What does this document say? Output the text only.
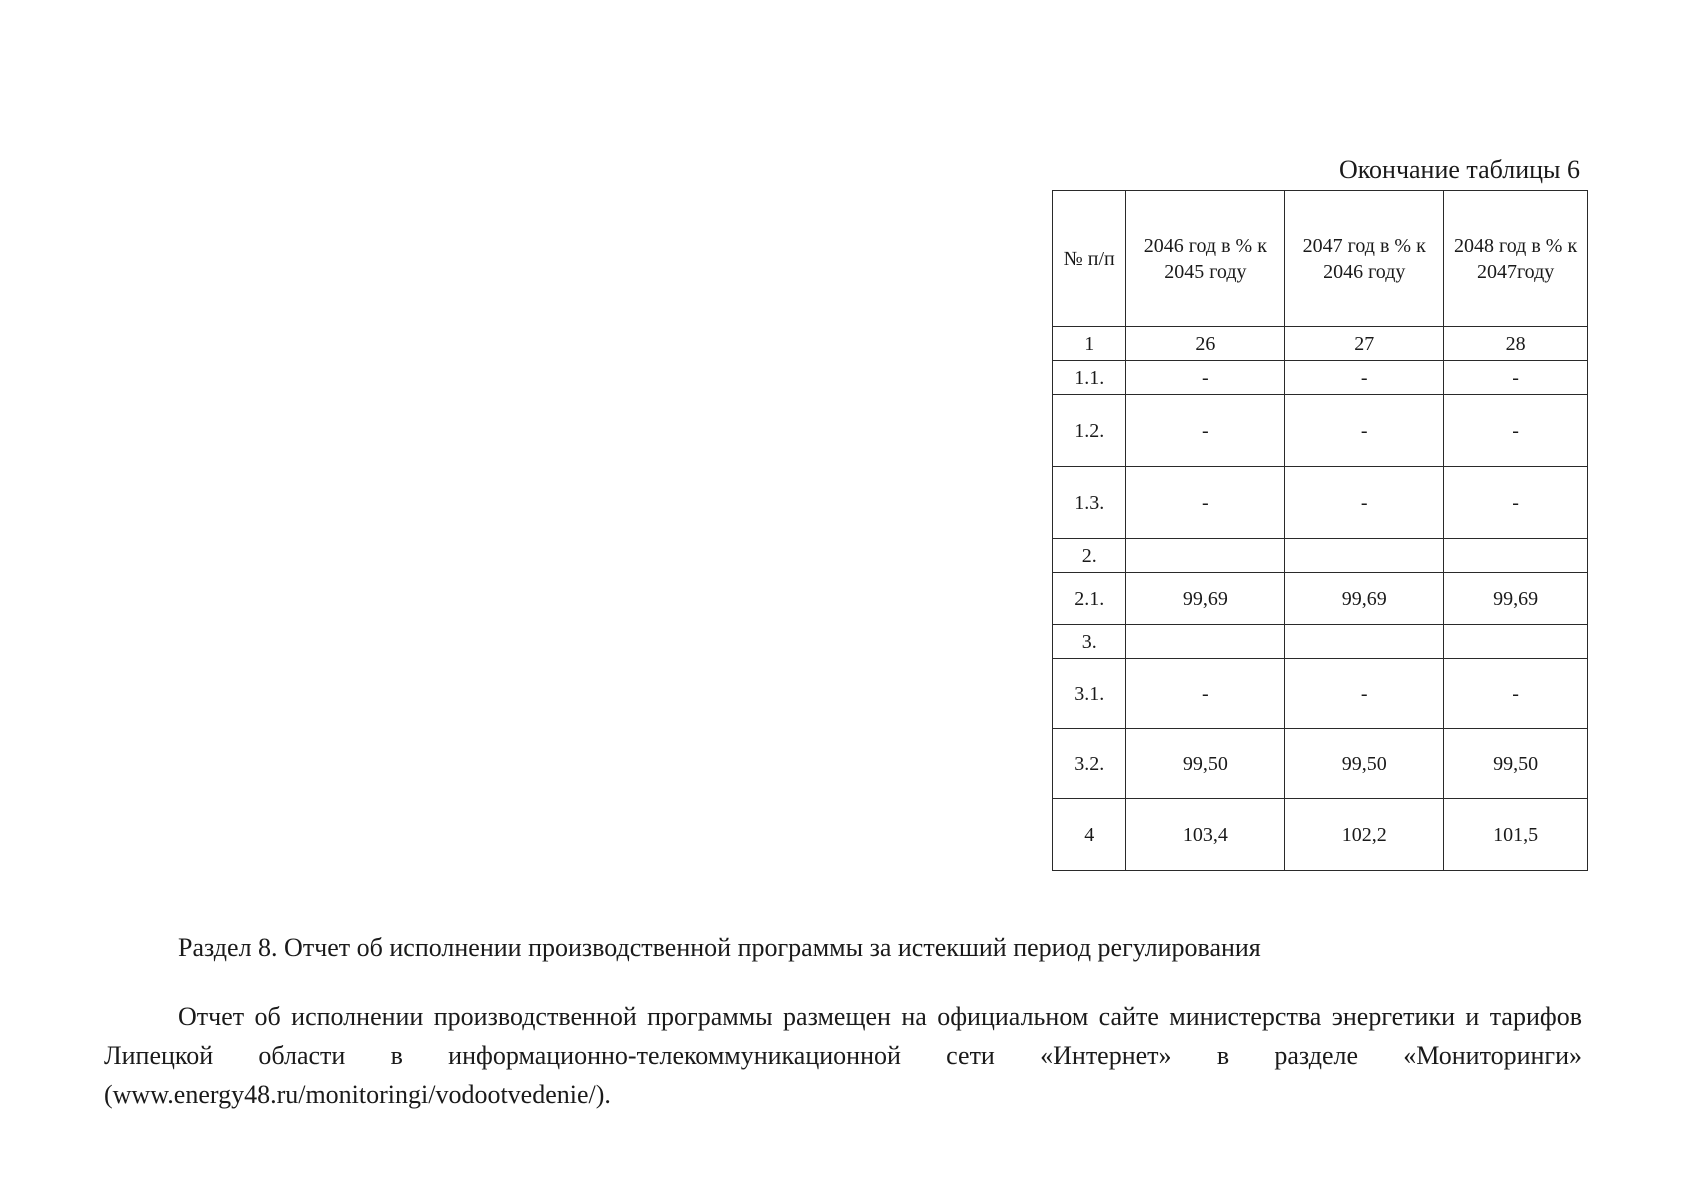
Окончание таблицы 6
№ п/п	2046 год в % к 2045 году	2047 год в % к 2046 году	2048 год в % к 2047году
1	26	27	28
1.1.	-	-	-
1.2.	-	-	-
1.3.	-	-	-
2.			
2.1.	99,69	99,69	99,69
3.			
3.1.	-	-	-
3.2.	99,50	99,50	99,50
4	103,4	102,2	101,5
Раздел 8. Отчет об исполнении производственной программы за истекший период регулирования

Отчет об исполнении производственной программы размещен на официальном сайте министерства энергетики и тарифов Липецкой области в информационно-телекоммуникационной сети «Интернет» в разделе «Мониторинги» (www.energy48.ru/monitoringi/vodootvedenie/).
